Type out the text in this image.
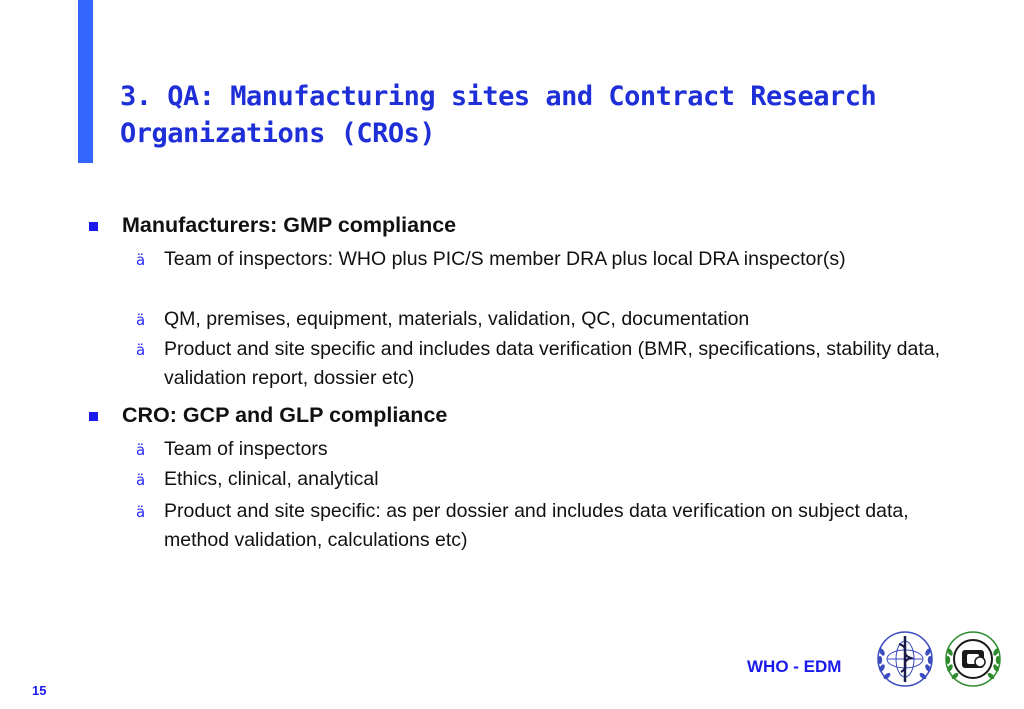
3. QA: Manufacturing sites and Contract Research
Organizations (CROs)
Manufacturers: GMP compliance
ä Team of inspectors: WHO plus PIC/S member DRA plus local DRA inspector(s)
ä QM, premises, equipment, materials, validation, QC, documentation
ä Product and site specific and includes data verification (BMR, specifications, stability data, validation report, dossier etc)
CRO: GCP and GLP compliance
ä Team of inspectors
ä Ethics, clinical, analytical
ä Product and site specific: as per dossier and includes data verification on subject data, method validation, calculations etc)
WHO - EDM
15
